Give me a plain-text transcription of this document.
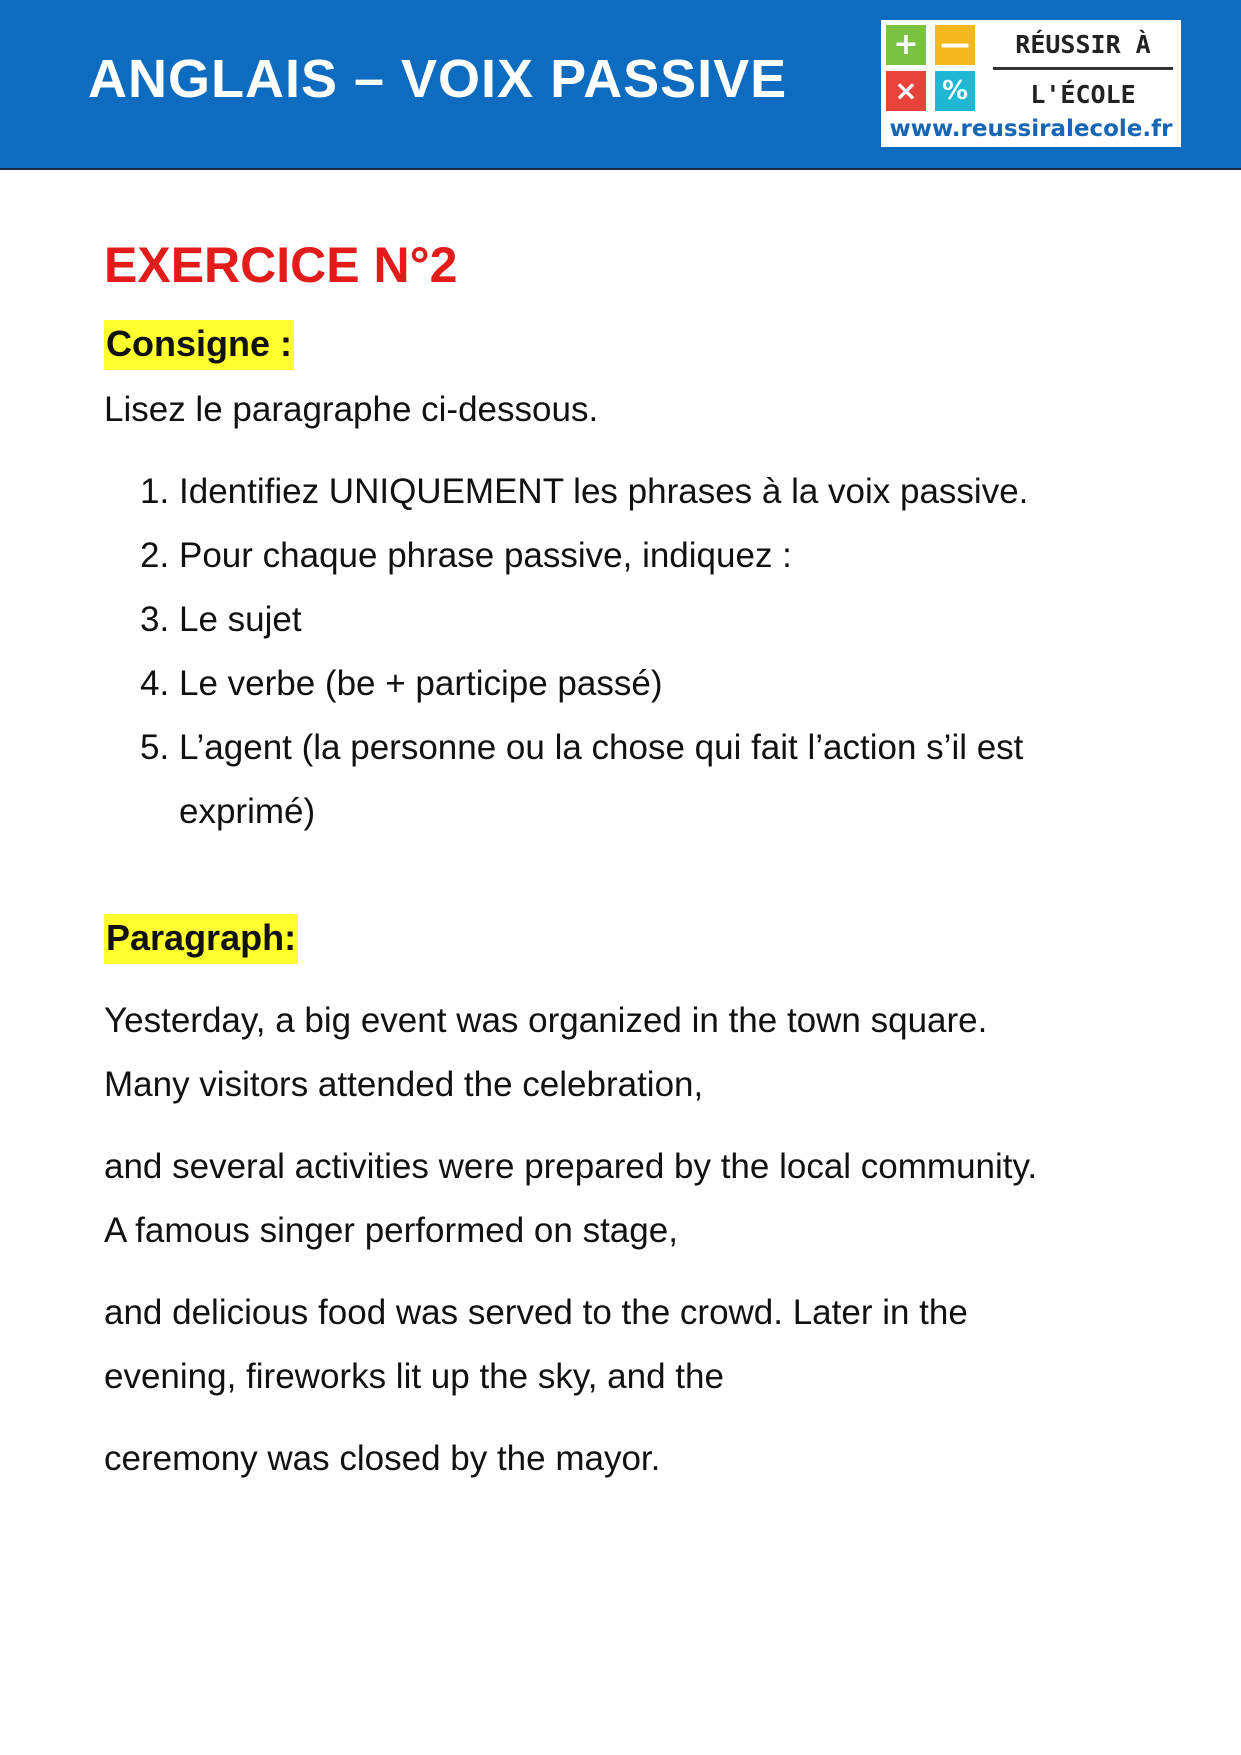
ANGLAIS – VOIX PASSIVE
+ —
× %
RÉUSSIR À
L'ÉCOLE
www.reussiralecole.fr
EXERCICE N°2
Consigne :
Lisez le paragraphe ci-dessous.
1. Identifiez UNIQUEMENT les phrases à la voix passive.
2. Pour chaque phrase passive, indiquez :
3. Le sujet
4. Le verbe (be + participe passé)
5. L’agent (la personne ou la chose qui fait l’action s’il est
exprimé)
Paragraph:
Yesterday, a big event was organized in the town square.
Many visitors attended the celebration,
and several activities were prepared by the local community.
A famous singer performed on stage,
and delicious food was served to the crowd. Later in the
evening, fireworks lit up the sky, and the
ceremony was closed by the mayor.
